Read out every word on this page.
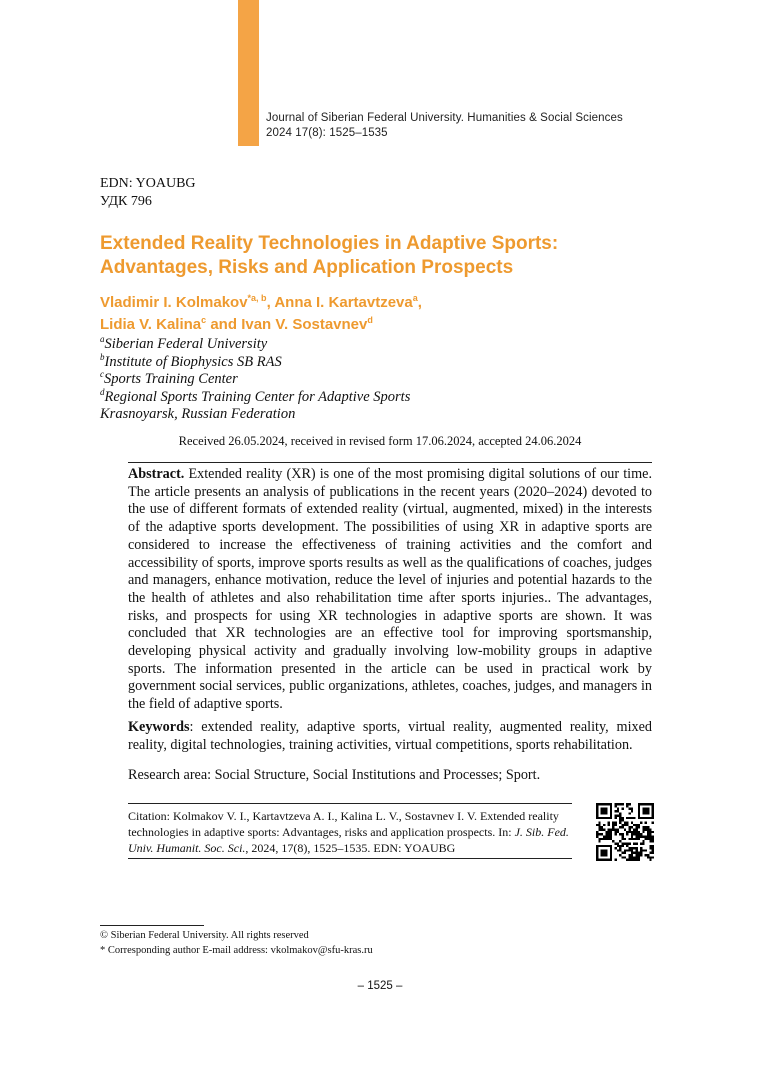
Journal of Siberian Federal University. Humanities & Social Sciences
2024 17(8): 1525–1535
EDN: YOAUBG
УДК 796
Extended Reality Technologies in Adaptive Sports:
Advantages, Risks and Application Prospects
Vladimir I. Kolmakov$^{*a, b}$, Anna I. Kartavtzeva$^a$,
Lidia V. Kalina$^c$ and Ivan V. Sostavnev$^d$
$^a$Siberian Federal University
$^b$Institute of Biophysics SB RAS
$^c$Sports Training Center
$^d$Regional Sports Training Center for Adaptive Sports
Krasnoyarsk, Russian Federation
Received 26.05.2024, received in revised form 17.06.2024, accepted 24.06.2024
Abstract. Extended reality (XR) is one of the most promising digital solutions of our time. The article presents an analysis of publications in the recent years (2020–2024) devoted to the use of different formats of extended reality (virtual, augmented, mixed) in the interests of the adaptive sports development. The possibilities of using XR in adaptive sports are considered to increase the effectiveness of training activities and the comfort and accessibility of sports, improve sports results as well as the qualifications of coaches, judges and managers, enhance motivation, reduce the level of injuries and potential hazards to the the health of athletes and also rehabilitation time after sports injuries.. The advantages, risks, and prospects for using XR technologies in adaptive sports are shown. It was concluded that XR technologies are an effective tool for improving sportsmanship, developing physical activity and gradually involving low-mobility groups in adaptive sports. The information presented in the article can be used in practical work by government social services, public organizations, athletes, coaches, judges, and managers in the field of adaptive sports.
Keywords: extended reality, adaptive sports, virtual reality, augmented reality, mixed reality, digital technologies, training activities, virtual competitions, sports rehabilitation.
Research area: Social Structure, Social Institutions and Processes; Sport.
Citation: Kolmakov V. I., Kartavtzeva A. I., Kalina L. V., Sostavnev I. V. Extended reality technologies in adaptive sports: Advantages, risks and application prospects. In: J. Sib. Fed. Univ. Humanit. Soc. Sci., 2024, 17(8), 1525–1535. EDN: YOAUBG
© Siberian Federal University. All rights reserved
* Corresponding author E-mail address: vkolmakov@sfu-kras.ru
– 1525 –
